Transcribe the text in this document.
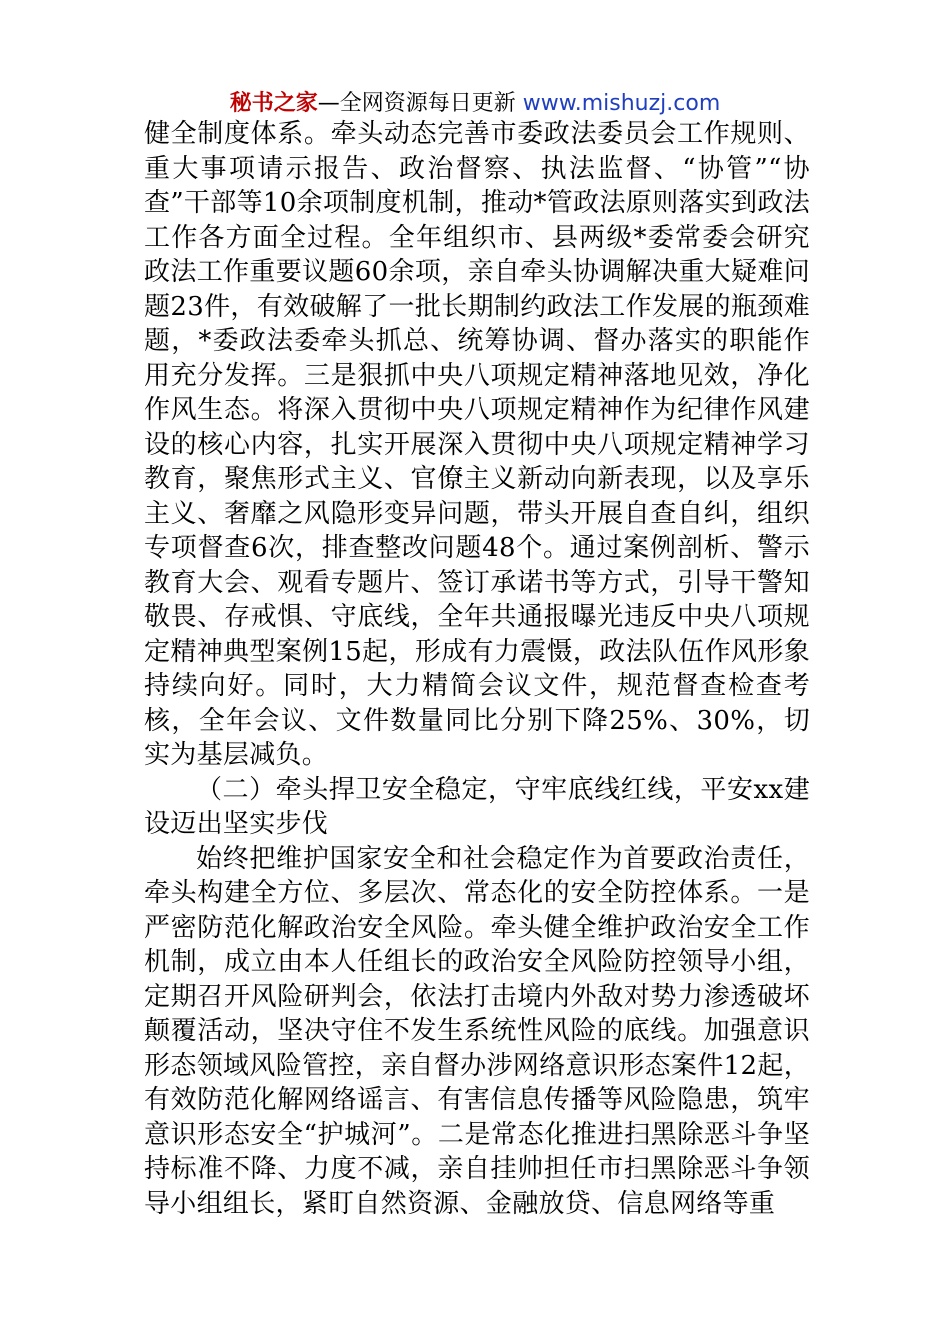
秘书之家—全网资源每日更新 www.mishuzj.com

健全制度体系。牵头动态完善市委政法委员会工作规则、重大事项请示报告、政治督察、执法监督、“协管”“协查”干部等10余项制度机制，推动*管政法原则落实到政法工作各方面全过程。全年组织市、县两级*委常委会研究政法工作重要议题60余项，亲自牵头协调解决重大疑难问题23件，有效破解了一批长期制约政法工作发展的瓶颈难题，*委政法委牵头抓总、统筹协调、督办落实的职能作用充分发挥。三是狠抓中央八项规定精神落地见效，净化作风生态。将深入贯彻中央八项规定精神作为纪律作风建设的核心内容，扎实开展深入贯彻中央八项规定精神学习教育，聚焦形式主义、官僚主义新动向新表现，以及享乐主义、奢靡之风隐形变异问题，带头开展自查自纠，组织专项督查6次，排查整改问题48个。通过案例剖析、警示教育大会、观看专题片、签订承诺书等方式，引导干警知敬畏、存戒惧、守底线，全年共通报曝光违反中央八项规定精神典型案例15起，形成有力震慑，政法队伍作风形象持续向好。同时，大力精简会议文件，规范督查检查考核，全年会议、文件数量同比分别下降25%、30%，切实为基层减负。

（二）牵头捍卫安全稳定，守牢底线红线，平安xx建设迈出坚实步伐

始终把维护国家安全和社会稳定作为首要政治责任，牵头构建全方位、多层次、常态化的安全防控体系。一是严密防范化解政治安全风险。牵头健全维护政治安全工作机制，成立由本人任组长的政治安全风险防控领导小组，定期召开风险研判会，依法打击境内外敌对势力渗透破坏颠覆活动，坚决守住不发生系统性风险的底线。加强意识形态领域风险管控，亲自督办涉网络意识形态案件12起，有效防范化解网络谣言、有害信息传播等风险隐患，筑牢意识形态安全“护城河”。二是常态化推进扫黑除恶斗争坚持标准不降、力度不减，亲自挂帅担任市扫黑除恶斗争领导小组组长，紧盯自然资源、金融放贷、信息网络等重
